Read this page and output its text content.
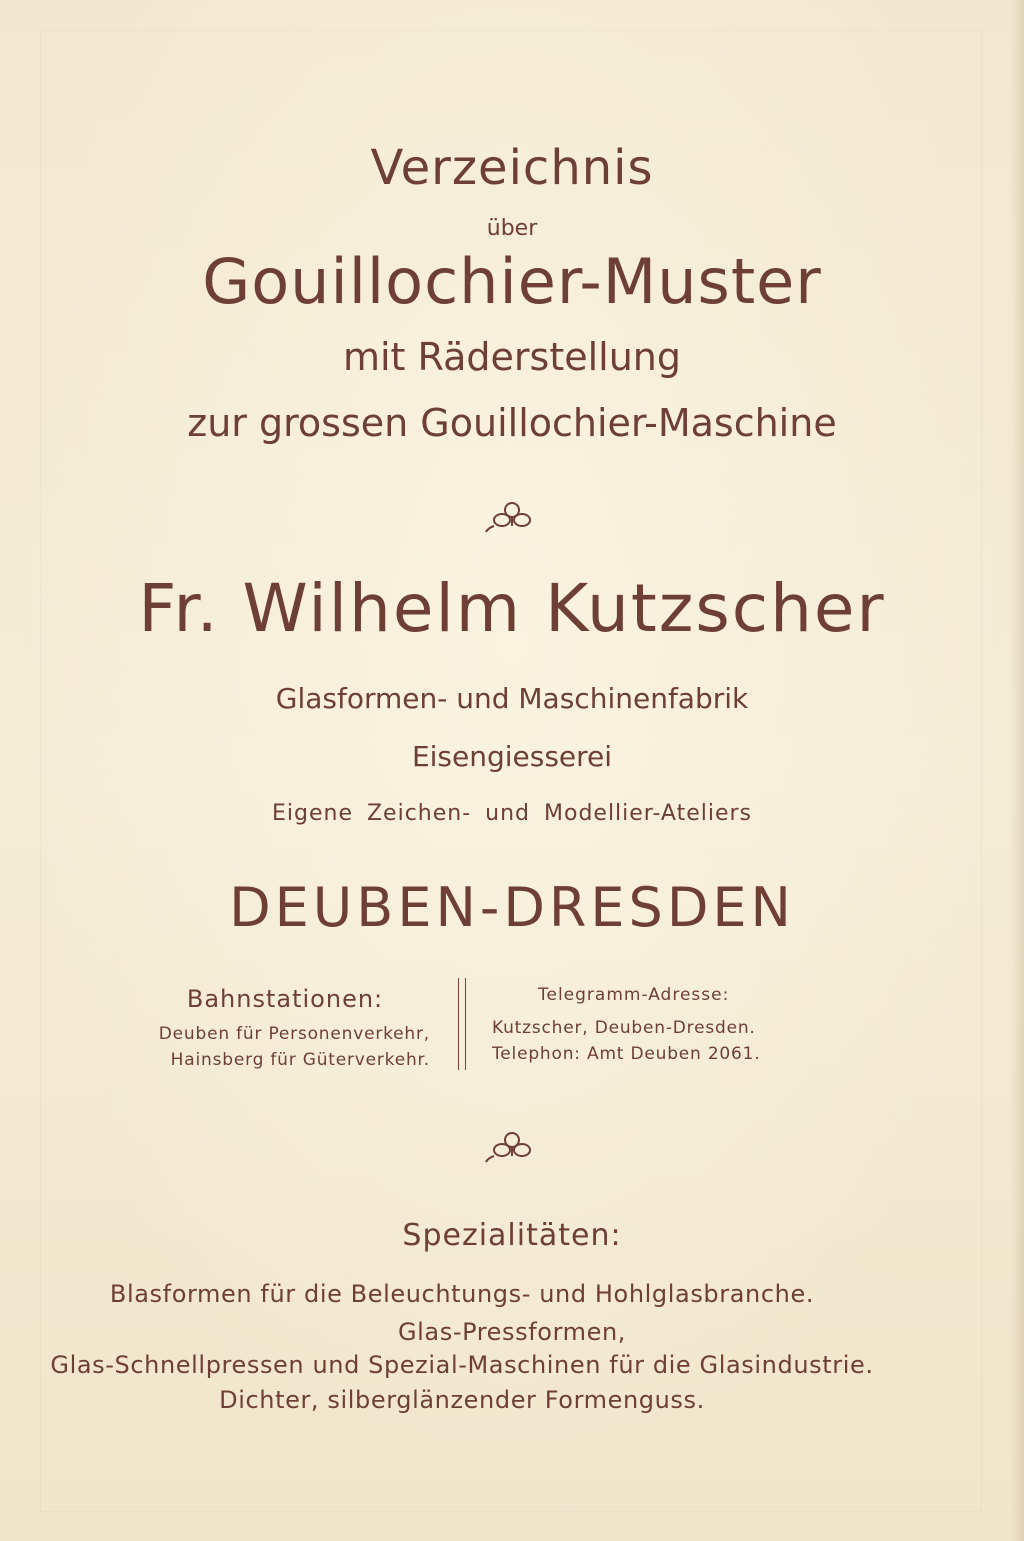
Verzeichnis
über
Gouillochier-Muster
mit Räderstellung
zur grossen Gouillochier-Maschine
Fr. Wilhelm Kutzscher
Glasformen- und Maschinenfabrik
Eisengiesserei
Eigene Zeichen- und Modellier-Ateliers
DEUBEN-DRESDEN
Bahnstationen:
Deuben für Personenverkehr,
Hainsberg für Güterverkehr.
Telegramm-Adresse:
Kutzscher, Deuben-Dresden.
Telephon: Amt Deuben 2061.
Spezialitäten:
Blasformen für die Beleuchtungs- und Hohlglasbranche.
Glas-Pressformen,
Glas-Schnellpressen und Spezial-Maschinen für die Glasindustrie.
Dichter, silberglänzender Formenguss.
